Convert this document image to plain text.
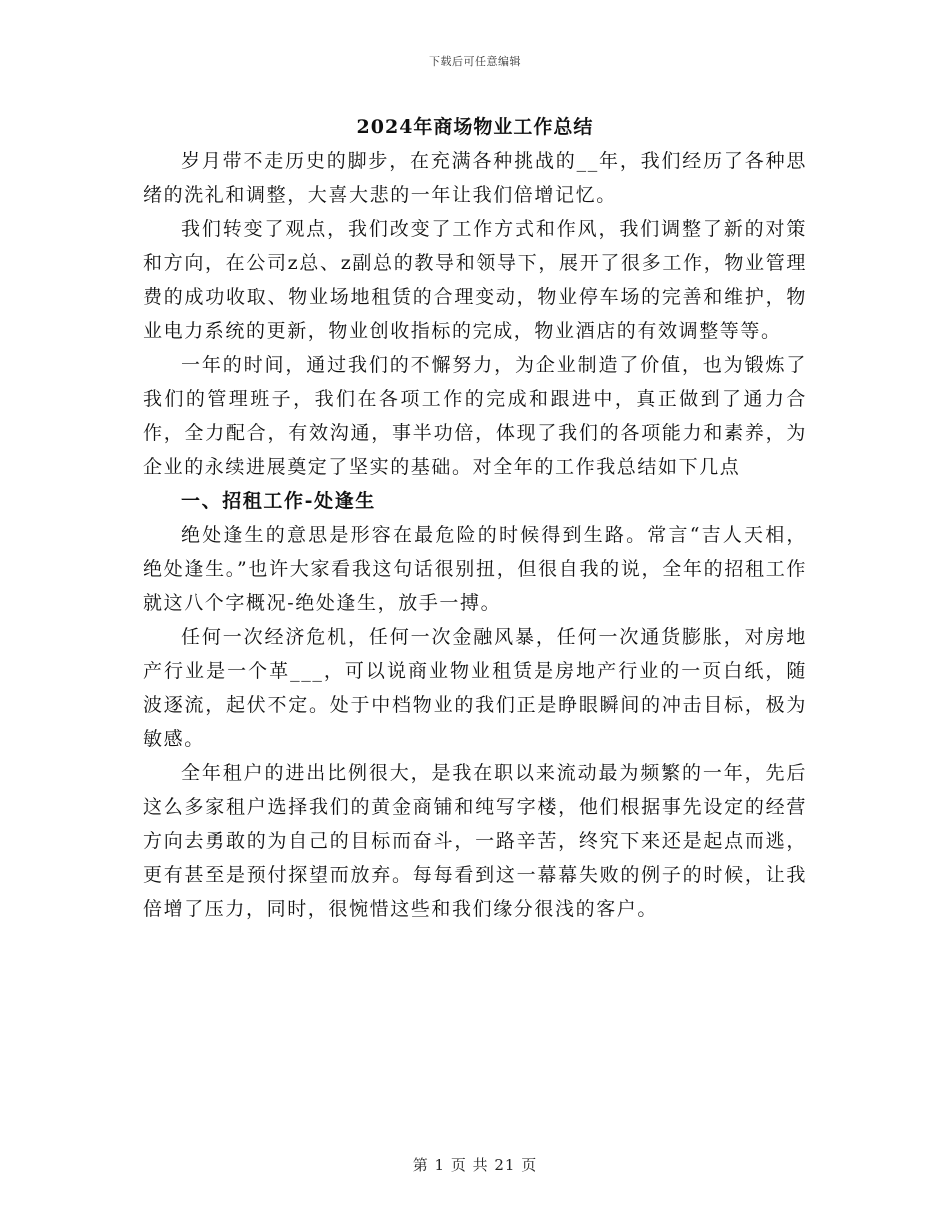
下载后可任意编辑
2024年商场物业工作总结

岁月带不走历史的脚步，在充满各种挑战的__年，我们经历了各种思绪的洗礼和调整，大喜大悲的一年让我们倍增记忆。

我们转变了观点，我们改变了工作方式和作风，我们调整了新的对策和方向，在公司z总、z副总的教导和领导下，展开了很多工作，物业管理费的成功收取、物业场地租赁的合理变动，物业停车场的完善和维护，物业电力系统的更新，物业创收指标的完成，物业酒店的有效调整等等。

一年的时间，通过我们的不懈努力，为企业制造了价值，也为锻炼了我们的管理班子，我们在各项工作的完成和跟进中，真正做到了通力合作，全力配合，有效沟通，事半功倍，体现了我们的各项能力和素养，为企业的永续进展奠定了坚实的基础。对全年的工作我总结如下几点

一、招租工作-处逢生

绝处逢生的意思是形容在最危险的时候得到生路。常言“吉人天相，绝处逢生。”也许大家看我这句话很别扭，但很自我的说，全年的招租工作就这八个字概况-绝处逢生，放手一搏。

任何一次经济危机，任何一次金融风暴，任何一次通货膨胀，对房地产行业是一个革___，可以说商业物业租赁是房地产行业的一页白纸，随波逐流，起伏不定。处于中档物业的我们正是睁眼瞬间的冲击目标，极为敏感。

全年租户的进出比例很大，是我在职以来流动最为频繁的一年，先后这么多家租户选择我们的黄金商铺和纯写字楼，他们根据事先设定的经营方向去勇敢的为自己的目标而奋斗，一路辛苦，终究下来还是起点而逃，更有甚至是预付探望而放弃。每每看到这一幕幕失败的例子的时候，让我倍增了压力，同时，很惋惜这些和我们缘分很浅的客户。

第 1 页 共 21 页
